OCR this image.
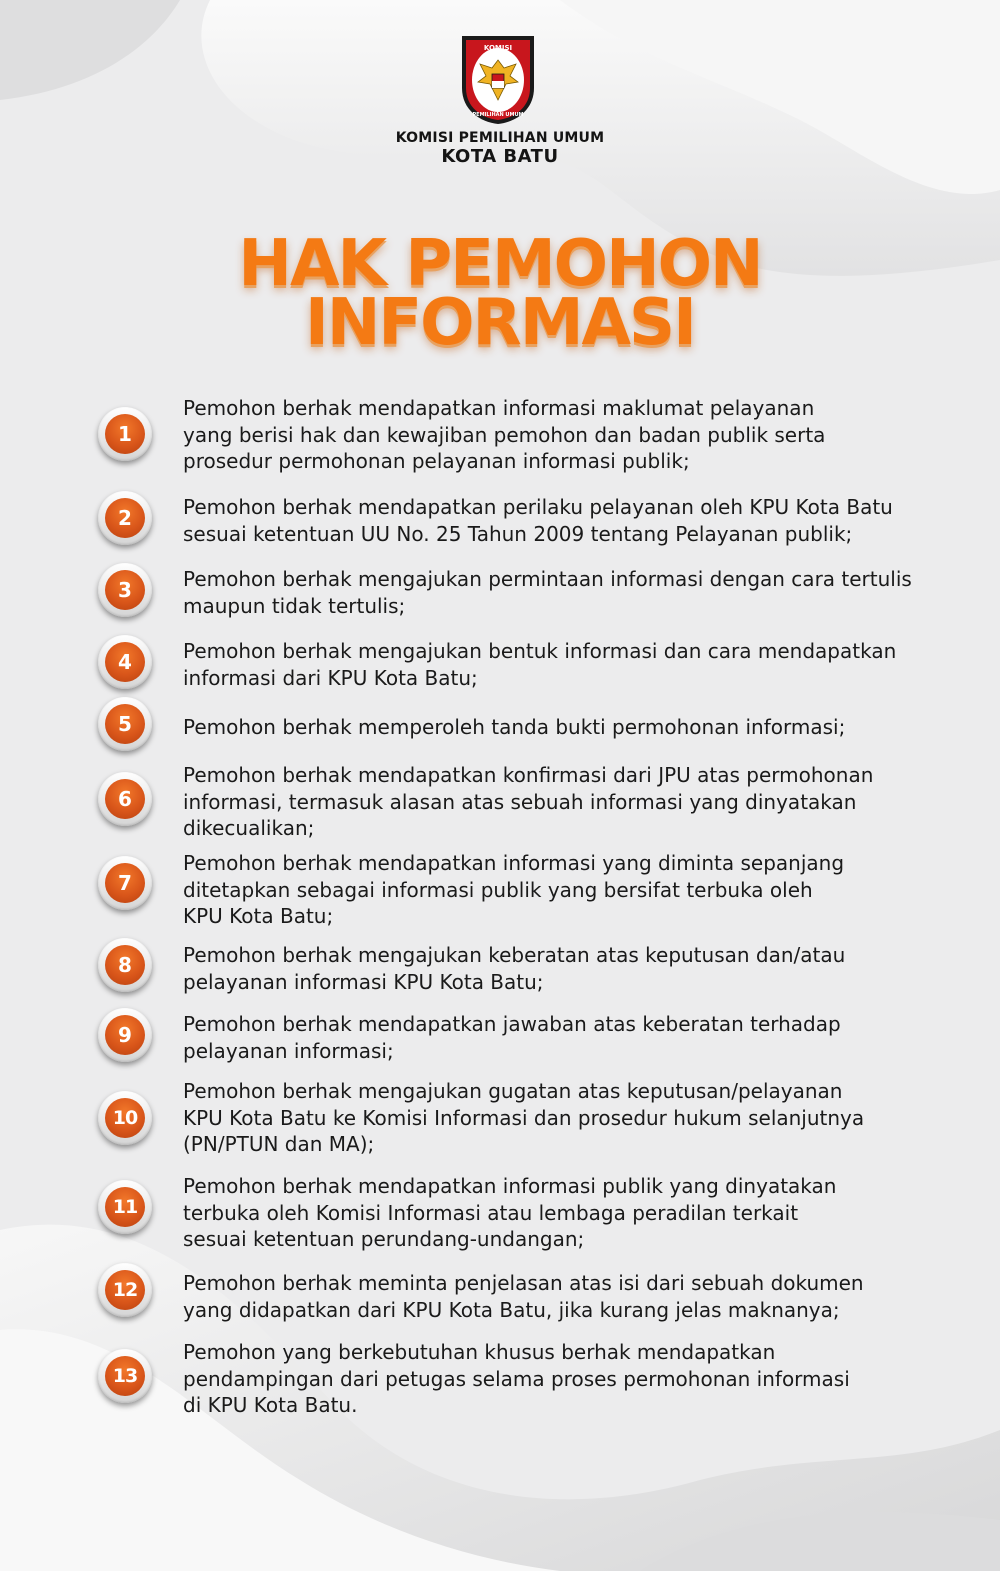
KOMISI
PEMILIHAN UMUM
KOMISI PEMILIHAN UMUM
KOTA BATU
HAK PEMOHON
INFORMASI
1
Pemohon berhak mendapatkan informasi maklumat pelayanan
yang berisi hak dan kewajiban pemohon dan badan publik serta
prosedur permohonan pelayanan informasi publik;
2	Pemohon berhak mendapatkan perilaku pelayanan oleh KPU Kota Batu
sesuai ketentuan UU No. 25 Tahun 2009 tentang Pelayanan publik;
3	Pemohon berhak mengajukan permintaan informasi dengan cara tertulis
maupun tidak tertulis;
4	Pemohon berhak mengajukan bentuk informasi dan cara mendapatkan
informasi dari KPU Kota Batu;
5	Pemohon berhak memperoleh tanda bukti permohonan informasi;
6
Pemohon berhak mendapatkan konfirmasi dari JPU atas permohonan
informasi, termasuk alasan atas sebuah informasi yang dinyatakan
dikecualikan;
7
Pemohon berhak mendapatkan informasi yang diminta sepanjang
ditetapkan sebagai informasi publik yang bersifat terbuka oleh
KPU Kota Batu;
8	Pemohon berhak mengajukan keberatan atas keputusan dan/atau
pelayanan informasi KPU Kota Batu;
9	Pemohon berhak mendapatkan jawaban atas keberatan terhadap
pelayanan informasi;
10
Pemohon berhak mengajukan gugatan atas keputusan/pelayanan
KPU Kota Batu ke Komisi Informasi dan prosedur hukum selanjutnya
(PN/PTUN dan MA);
11
Pemohon berhak mendapatkan informasi publik yang dinyatakan
terbuka oleh Komisi Informasi atau lembaga peradilan terkait
sesuai ketentuan perundang-undangan;
12	Pemohon berhak meminta penjelasan atas isi dari sebuah dokumen
yang didapatkan dari KPU Kota Batu, jika kurang jelas maknanya;
13
Pemohon yang berkebutuhan khusus berhak mendapatkan
pendampingan dari petugas selama proses permohonan informasi
di KPU Kota Batu.
